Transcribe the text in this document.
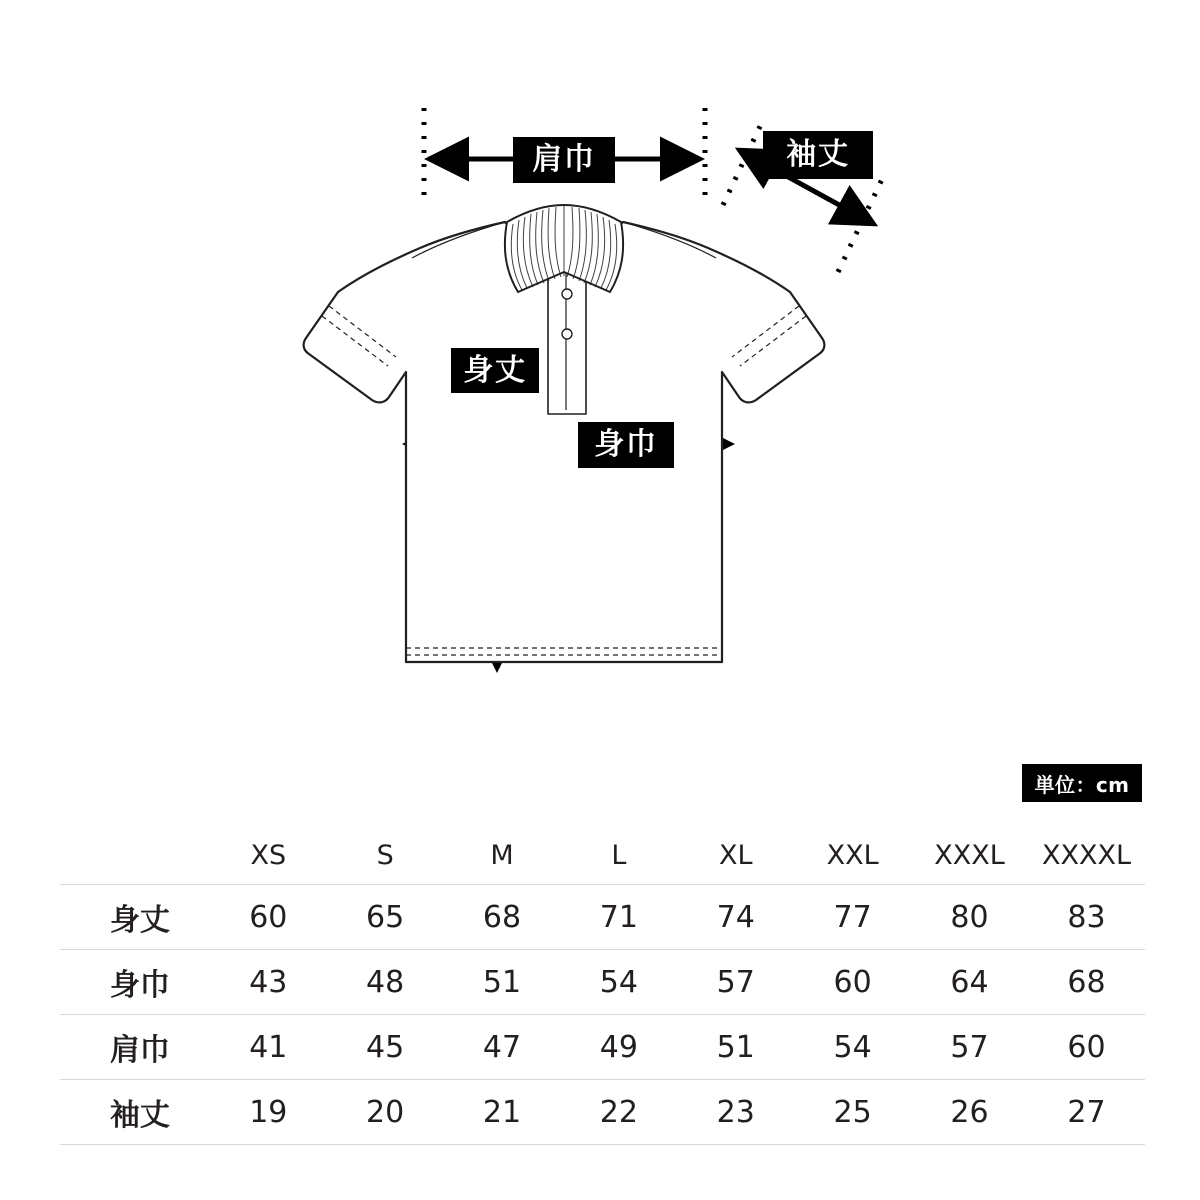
肩巾	袖丈
身丈
身巾
単位：cm
	XS	S	M	L	XL	XXL	XXXL	XXXXL
身丈	60	65	68	71	74	77	80	83
身巾	43	48	51	54	57	60	64	68
肩巾	41	45	47	49	51	54	57	60
袖丈	19	20	21	22	23	25	26	27
